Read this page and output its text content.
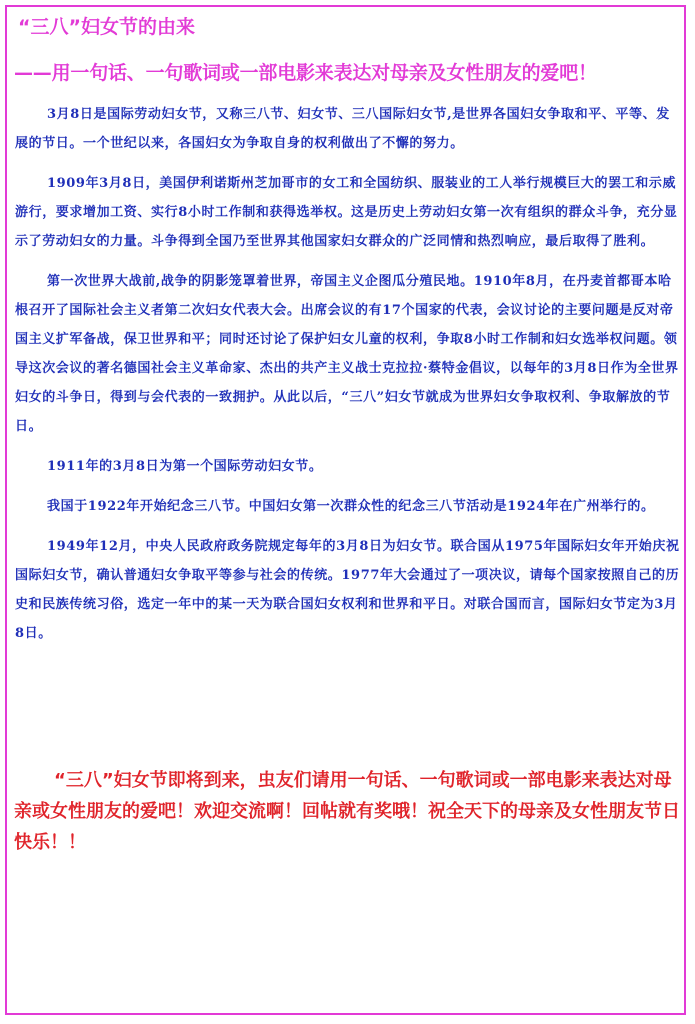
“三八”妇女节的由来
——用一句话、一句歌词或一部电影来表达对母亲及女性朋友的爱吧！

3月8日是国际劳动妇女节，又称三八节、妇女节、三八国际妇女节,是世界各国妇女争取和平、平等、发展的节日。一个世纪以来，各国妇女为争取自身的权利做出了不懈的努力。

1909年3月8日，美国伊利诺斯州芝加哥市的女工和全国纺织、服装业的工人举行规模巨大的罢工和示威游行，要求增加工资、实行8小时工作制和获得选举权。这是历史上劳动妇女第一次有组织的群众斗争，充分显示了劳动妇女的力量。斗争得到全国乃至世界其他国家妇女群众的广泛同情和热烈响应，最后取得了胜利。

第一次世界大战前,战争的阴影笼罩着世界，帝国主义企图瓜分殖民地。1910年8月，在丹麦首都哥本哈根召开了国际社会主义者第二次妇女代表大会。出席会议的有17个国家的代表，会议讨论的主要问题是反对帝国主义扩军备战，保卫世界和平；同时还讨论了保护妇女儿童的权利，争取8小时工作制和妇女选举权问题。领导这次会议的著名德国社会主义革命家、杰出的共产主义战士克拉拉·蔡特金倡议，以每年的3月8日作为全世界妇女的斗争日，得到与会代表的一致拥护。从此以后，“三八”妇女节就成为世界妇女争取权利、争取解放的节日。

1911年的3月8日为第一个国际劳动妇女节。

我国于1922年开始纪念三八节。中国妇女第一次群众性的纪念三八节活动是1924年在广州举行的。

1949年12月，中央人民政府政务院规定每年的3月8日为妇女节。联合国从1975年国际妇女年开始庆祝国际妇女节，确认普通妇女争取平等参与社会的传统。1977年大会通过了一项决议，请每个国家按照自己的历史和民族传统习俗，选定一年中的某一天为联合国妇女权利和世界和平日。对联合国而言，国际妇女节定为3月8日。

“三八”妇女节即将到来，虫友们请用一句话、一句歌词或一部电影来表达对母亲或女性朋友的爱吧！欢迎交流啊！回帖就有奖哦！祝全天下的母亲及女性朋友节日快乐！！
